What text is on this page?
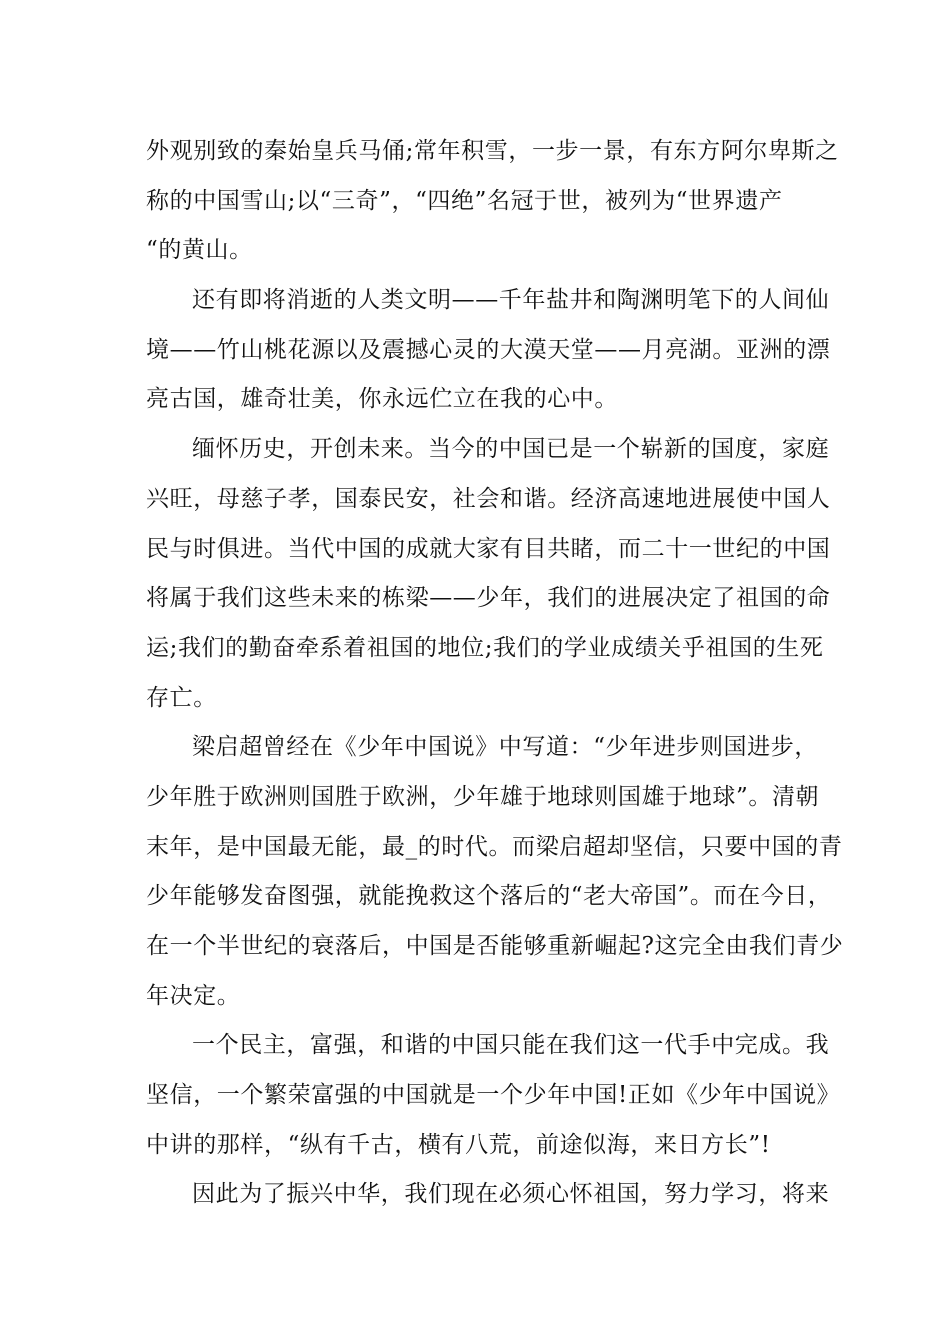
外观别致的秦始皇兵马俑;常年积雪，一步一景，有东方阿尔卑斯之
称的中国雪山;以“三奇”，“四绝”名冠于世，被列为“世界遗产
“的黄山。
还有即将消逝的人类文明——千年盐井和陶渊明笔下的人间仙
境——竹山桃花源以及震撼心灵的大漠天堂——月亮湖。亚洲的漂
亮古国，雄奇壮美，你永远伫立在我的心中。
缅怀历史，开创未来。当今的中国已是一个崭新的国度，家庭
兴旺，母慈子孝，国泰民安，社会和谐。经济高速地进展使中国人
民与时俱进。当代中国的成就大家有目共睹，而二十一世纪的中国
将属于我们这些未来的栋梁——少年，我们的进展决定了祖国的命
运;我们的勤奋牵系着祖国的地位;我们的学业成绩关乎祖国的生死
存亡。
梁启超曾经在《少年中国说》中写道：“少年进步则国进步，
少年胜于欧洲则国胜于欧洲，少年雄于地球则国雄于地球”。清朝
末年，是中国最无能，最_的时代。而梁启超却坚信，只要中国的青
少年能够发奋图强，就能挽救这个落后的“老大帝国”。而在今日，
在一个半世纪的衰落后，中国是否能够重新崛起?这完全由我们青少
年决定。
一个民主，富强，和谐的中国只能在我们这一代手中完成。我
坚信，一个繁荣富强的中国就是一个少年中国!正如《少年中国说》
中讲的那样，“纵有千古，横有八荒，前途似海，来日方长”!
因此为了振兴中华，我们现在必须心怀祖国，努力学习，将来
